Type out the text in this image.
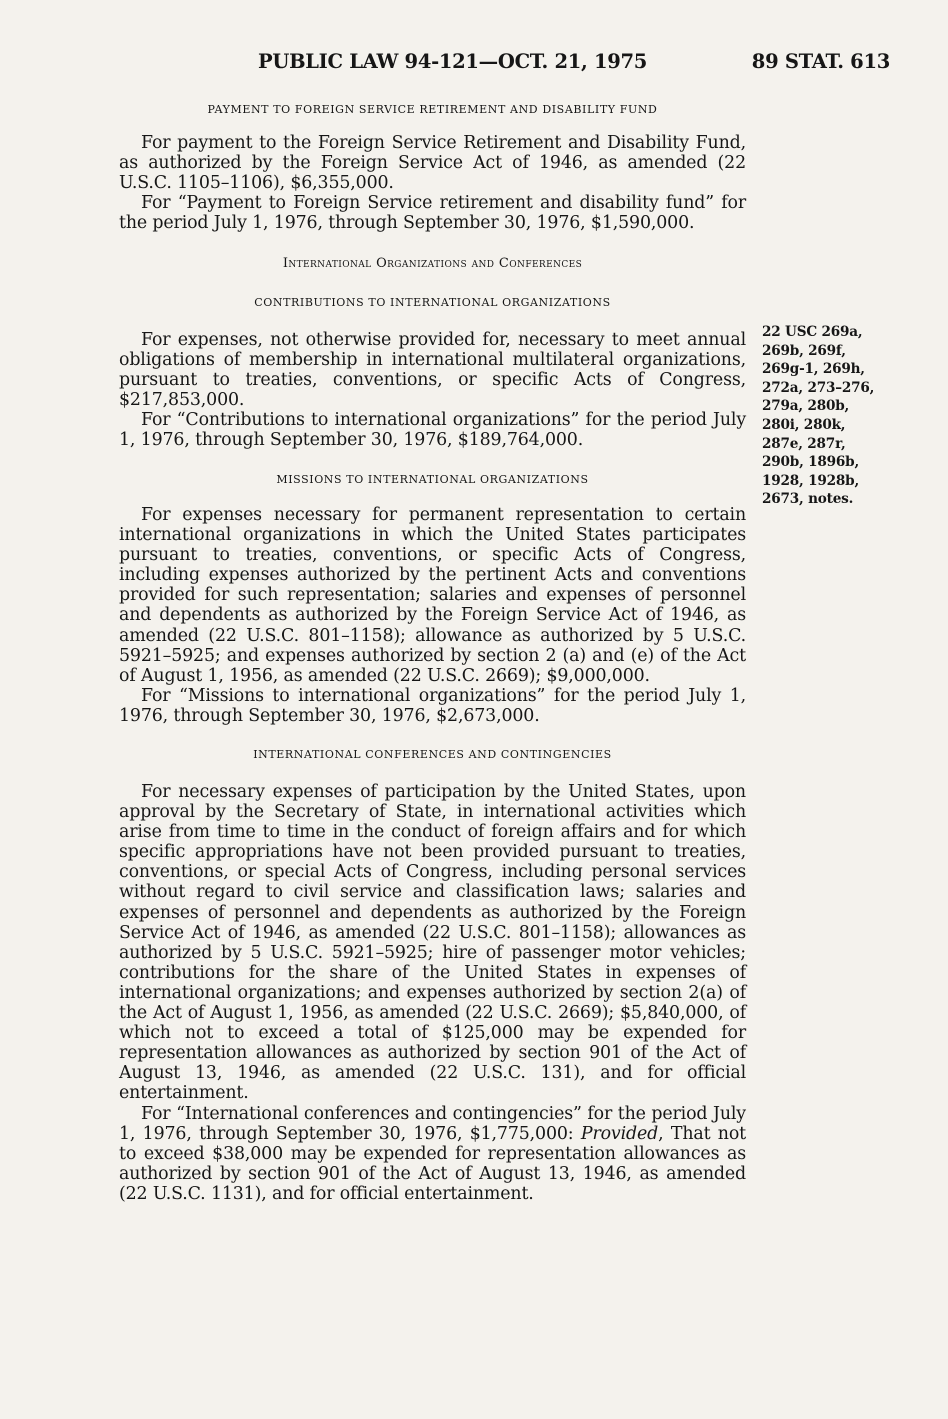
PUBLIC LAW 94-121—OCT. 21, 1975	89 STAT. 613
PAYMENT TO FOREIGN SERVICE RETIREMENT AND DISABILITY FUND

For payment to the Foreign Service Retirement and Disability Fund, as authorized by the Foreign Service Act of 1946, as amended (22 U.S.C. 1105–1106), $6,355,000.

For “Payment to Foreign Service retirement and disability fund” for the period July 1, 1976, through September 30, 1976, $1,590,000.

International Organizations and Conferences
CONTRIBUTIONS TO INTERNATIONAL ORGANIZATIONS

For expenses, not otherwise provided for, necessary to meet annual obligations of membership in international multilateral organizations, pursuant to treaties, conventions, or specific Acts of Congress, $217,853,000.

For “Contributions to international organizations” for the period July 1, 1976, through September 30, 1976, $189,764,000.

MISSIONS TO INTERNATIONAL ORGANIZATIONS

For expenses necessary for permanent representation to certain international organizations in which the United States participates pursuant to treaties, conventions, or specific Acts of Congress, including expenses authorized by the pertinent Acts and conventions provided for such representation; salaries and expenses of personnel and dependents as authorized by the Foreign Service Act of 1946, as amended (22 U.S.C. 801–1158); allowance as authorized by 5 U.S.C. 5921–5925; and expenses authorized by section 2 (a) and (e) of the Act of August 1, 1956, as amended (22 U.S.C. 2669); $9,000,000.

For “Missions to international organizations” for the period July 1, 1976, through September 30, 1976, $2,673,000.

INTERNATIONAL CONFERENCES AND CONTINGENCIES

For necessary expenses of participation by the United States, upon approval by the Secretary of State, in international activities which arise from time to time in the conduct of foreign affairs and for which specific appropriations have not been provided pursuant to treaties, conventions, or special Acts of Congress, including personal services without regard to civil service and classification laws; salaries and expenses of personnel and dependents as authorized by the Foreign Service Act of 1946, as amended (22 U.S.C. 801–1158); allowances as authorized by 5 U.S.C. 5921–5925; hire of passenger motor vehicles; contributions for the share of the United States in expenses of international organizations; and expenses authorized by section 2(a) of the Act of August 1, 1956, as amended (22 U.S.C. 2669); $5,840,000, of which not to exceed a total of $125,000 may be expended for representation allowances as authorized by section 901 of the Act of August 13, 1946, as amended (22 U.S.C. 131), and for official entertainment.

For “International conferences and contingencies” for the period July 1, 1976, through September 30, 1976, $1,775,000: Provided, That not to exceed $38,000 may be expended for representation allowances as authorized by section 901 of the Act of August 13, 1946, as amended (22 U.S.C. 1131), and for official entertainment.

22 USC 269a,
269b, 269f,
269g-1, 269h,
272a, 273–276,
279a, 280b,
280i, 280k,
287e, 287r,
290b, 1896b,
1928, 1928b,
2673, notes.
